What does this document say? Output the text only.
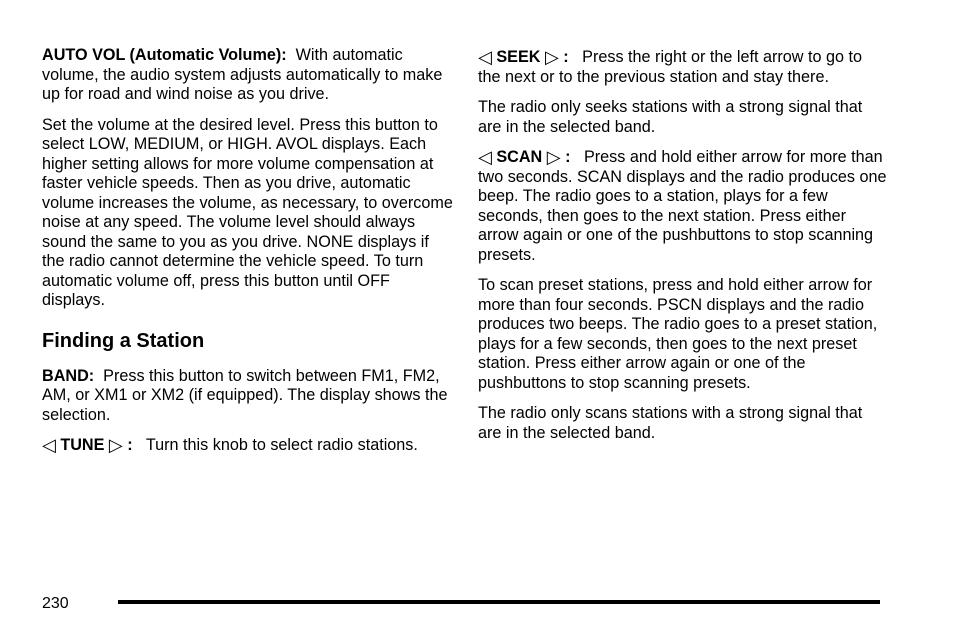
AUTO VOL (Automatic Volume): With automatic volume, the audio system adjusts automatically to make up for road and wind noise as you drive.

Set the volume at the desired level. Press this button to select LOW, MEDIUM, or HIGH. AVOL displays. Each higher setting allows for more volume compensation at faster vehicle speeds. Then as you drive, automatic volume increases the volume, as necessary, to overcome noise at any speed. The volume level should always sound the same to you as you drive. NONE displays if the radio cannot determine the vehicle speed. To turn automatic volume off, press this button until OFF displays.

Finding a Station

BAND: Press this button to switch between FM1, FM2, AM, or XM1 or XM2 (if equipped). The display shows the selection.

◁ TUNE ▷ : Turn this knob to select radio stations.

◁ SEEK ▷ : Press the right or the left arrow to go to the next or to the previous station and stay there.

The radio only seeks stations with a strong signal that are in the selected band.

◁ SCAN ▷ : Press and hold either arrow for more than two seconds. SCAN displays and the radio produces one beep. The radio goes to a station, plays for a few seconds, then goes to the next station. Press either arrow again or one of the pushbuttons to stop scanning presets.

To scan preset stations, press and hold either arrow for more than four seconds. PSCN displays and the radio produces two beeps. The radio goes to a preset station, plays for a few seconds, then goes to the next preset station. Press either arrow again or one of the pushbuttons to stop scanning presets.

The radio only scans stations with a strong signal that are in the selected band.

230
